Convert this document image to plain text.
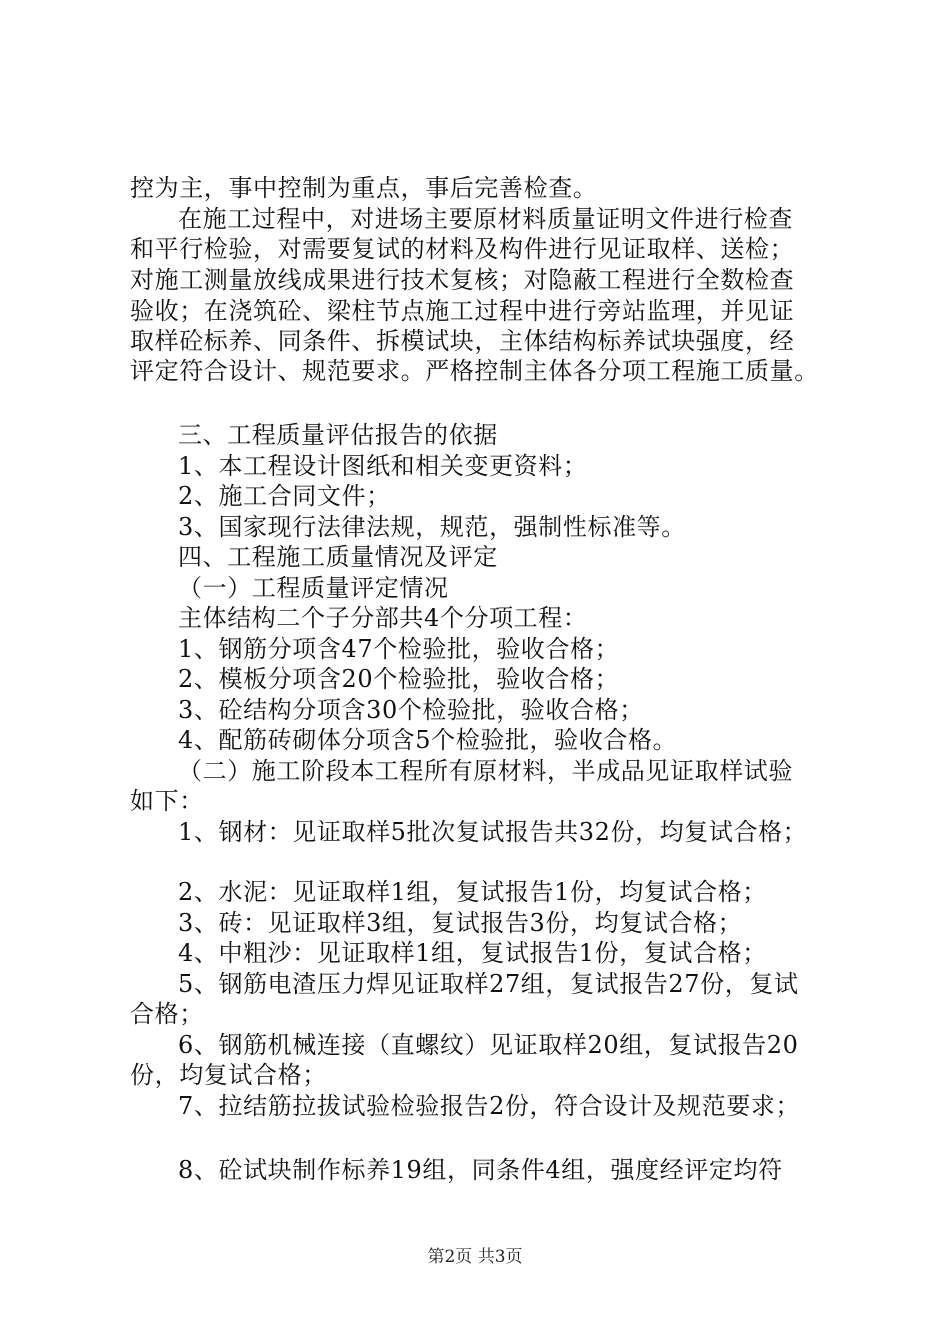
控为主，事中控制为重点，事后完善检查。
在施工过程中，对进场主要原材料质量证明文件进行检查
和平行检验，对需要复试的材料及构件进行见证取样、送检；
对施工测量放线成果进行技术复核；对隐蔽工程进行全数检查
验收；在浇筑砼、梁柱节点施工过程中进行旁站监理，并见证
取样砼标养、同条件、拆模试块，主体结构标养试块强度，经
评定符合设计、规范要求。严格控制主体各分项工程施工质量。
三、工程质量评估报告的依据
1、本工程设计图纸和相关变更资料；
2、施工合同文件；
3、国家现行法律法规，规范，强制性标准等。
四、工程施工质量情况及评定
（一）工程质量评定情况
主体结构二个子分部共4个分项工程：
1、钢筋分项含47个检验批，验收合格；
2、模板分项含20个检验批，验收合格；
3、砼结构分项含30个检验批，验收合格；
4、配筋砖砌体分项含5个检验批，验收合格。
（二）施工阶段本工程所有原材料，半成品见证取样试验
如下：
1、钢材：见证取样5批次复试报告共32份，均复试合格；
2、水泥：见证取样1组，复试报告1份，均复试合格；
3、砖：见证取样3组，复试报告3份，均复试合格；
4、中粗沙：见证取样1组，复试报告1份，复试合格；
5、钢筋电渣压力焊见证取样27组，复试报告27份，复试
合格；
6、钢筋机械连接（直螺纹）见证取样20组，复试报告20
份，均复试合格；
7、拉结筋拉拔试验检验报告2份，符合设计及规范要求；
8、砼试块制作标养19组，同条件4组，强度经评定均符
第2页 共3页
